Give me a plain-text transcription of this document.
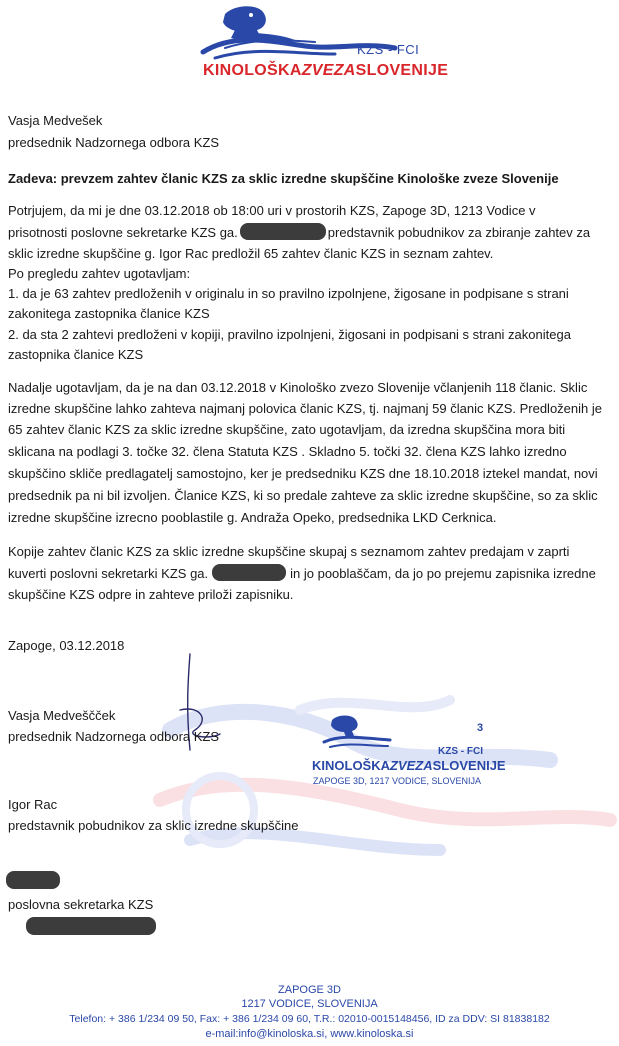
KZS - FCI
KINOLOŠKAZVEZASLOVENIJE
Vasja Medvešek
predsednik Nadzornega odbora KZS
Zadeva: prevzem zahtev članic KZS za sklic izredne skupščine Kinološke zveze Slovenije
Potrjujem, da mi je dne 03.12.2018 ob 18:00 uri v prostorih KZS, Zapoge 3D, 1213 Vodice v
prisotnosti poslovne sekretarke KZS ga.	predstavnik pobudnikov za zbiranje zahtev za
sklic izredne skupščine g. Igor Rac predložil 65 zahtev članic KZS in seznam zahtev.
Po pregledu zahtev ugotavljam:
1. da je 63 zahtev predloženih v originalu in so pravilno izpolnjene, žigosane in podpisane s strani
zakonitega zastopnika članice KZS
2. da sta 2 zahtevi predloženi v kopiji, pravilno izpolnjeni, žigosani in podpisani s strani zakonitega
zastopnika članice KZS
Nadalje ugotavljam, da je na dan 03.12.2018 v Kinološko zvezo Slovenije včlanjenih 118 članic. Sklic
izredne skupščine lahko zahteva najmanj polovica članic KZS, tj. najmanj 59 članic KZS. Predloženih je
65 zahtev članic KZS za sklic izredne skupščine, zato ugotavljam, da izredna skupščina mora biti
sklicana na podlagi 3. točke 32. člena Statuta KZS . Skladno 5. točki 32. člena KZS lahko izredno
skupščino skliče predlagatelj samostojno, ker je predsedniku KZS dne 18.10.2018 iztekel mandat, novi
predsednik pa ni bil izvoljen. Članice KZS, ki so predale zahteve za sklic izredne skupščine, so za sklic
izredne skupščine izrecno pooblastile g. Andraža Opeko, predsednika LKD Cerknica.
Kopije zahtev članic KZS za sklic izredne skupščine skupaj s seznamom zahtev predajam v zaprti
kuverti poslovni sekretarki KZS ga.	in jo pooblaščam, da jo po prejemu zapisnika izredne
skupščine KZS odpre in zahteve priloži zapisniku.
Zapoge, 03.12.2018
3
KZS - FCI
KINOLOŠKAZVEZASLOVENIJE
ZAPOGE 3D, 1217 VODICE, SLOVENIJA
Vasja Medveščček
predsednik Nadzornega odbora KZS
Igor Rac
predstavnik pobudnikov za sklic izredne skupščine
poslovna sekretarka KZS
ZAPOGE 3D
1217 VODICE, SLOVENIJA
Telefon: + 386 1/234 09 50, Fax: + 386 1/234 09 60, T.R.: 02010-0015148456, ID za DDV: SI 81838182
e-mail:info@kinoloska.si, www.kinoloska.si
